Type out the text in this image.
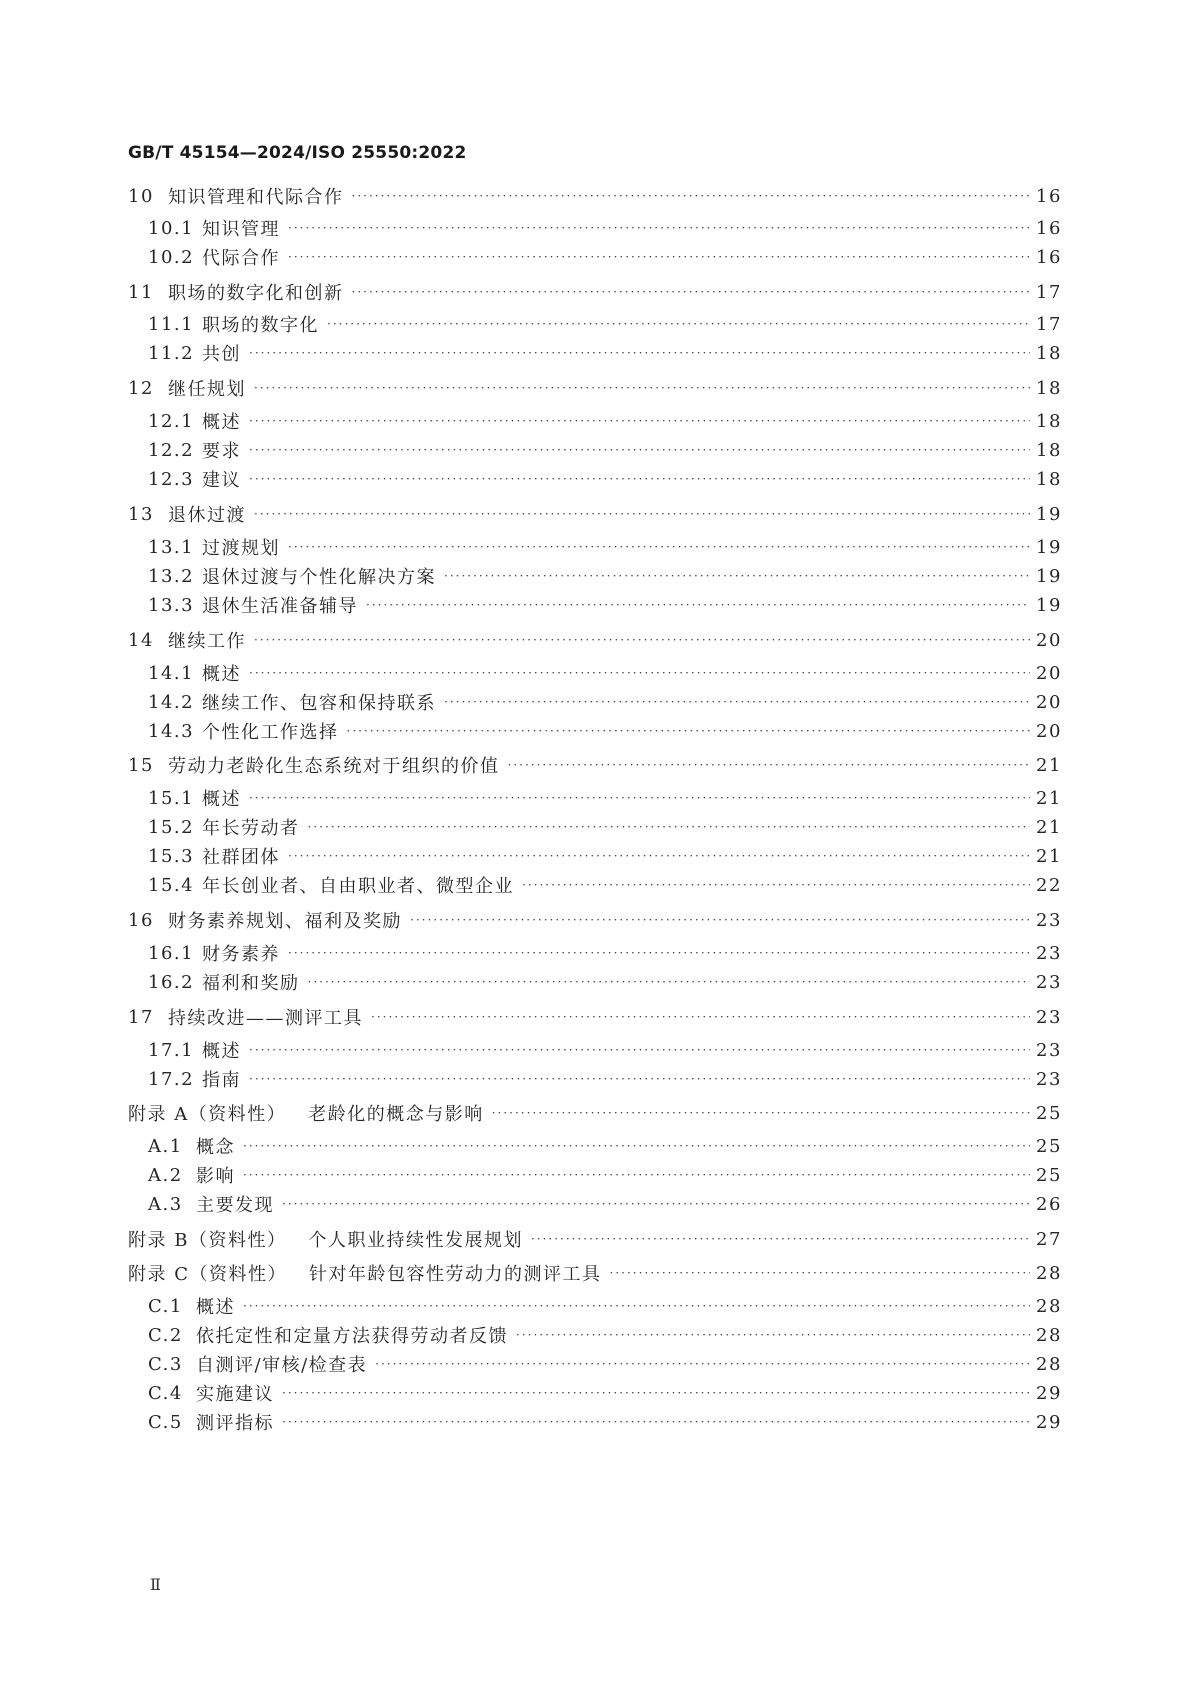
GB/T 45154—2024/ISO 25550:2022
10 知识管理和代际合作 ·····	16
10.1 知识管理 ·····	16
10.2 代际合作 ·····	16
11 职场的数字化和创新 ·····	17
11.1 职场的数字化 ·····	17
11.2 共创 ·····	18
12 继任规划 ·····	18
12.1 概述 ·····	18
12.2 要求 ·····	18
12.3 建议 ·····	18
13 退休过渡 ·····	19
13.1 过渡规划 ·····	19
13.2 退休过渡与个性化解决方案 ·····	19
13.3 退休生活准备辅导 ·····	19
14 继续工作 ·····	20
14.1 概述 ·····	20
14.2 继续工作、包容和保持联系 ·····	20
14.3 个性化工作选择 ·····	20
15 劳动力老龄化生态系统对于组织的价值 ·····	21
15.1 概述 ·····	21
15.2 年长劳动者 ·····	21
15.3 社群团体 ·····	21
15.4 年长创业者、自由职业者、微型企业 ·····	22
16 财务素养规划、福利及奖励 ·····	23
16.1 财务素养 ·····	23
16.2 福利和奖励 ·····	23
17 持续改进——测评工具 ·····	23
17.1 概述 ·····	23
17.2 指南 ·····	23
附录 A（资料性） 老龄化的概念与影响 ·····	25
A.1 概念 ·····	25
A.2 影响 ·····	25
A.3 主要发现 ·····	26
附录 B（资料性） 个人职业持续性发展规划 ·····	27
附录 C（资料性） 针对年龄包容性劳动力的测评工具 ·····	28
C.1 概述 ·····	28
C.2 依托定性和定量方法获得劳动者反馈 ·····	28
C.3 自测评/审核/检查表 ·····	28
C.4 实施建议 ·····	29
C.5 测评指标 ·····	29
Ⅱ
